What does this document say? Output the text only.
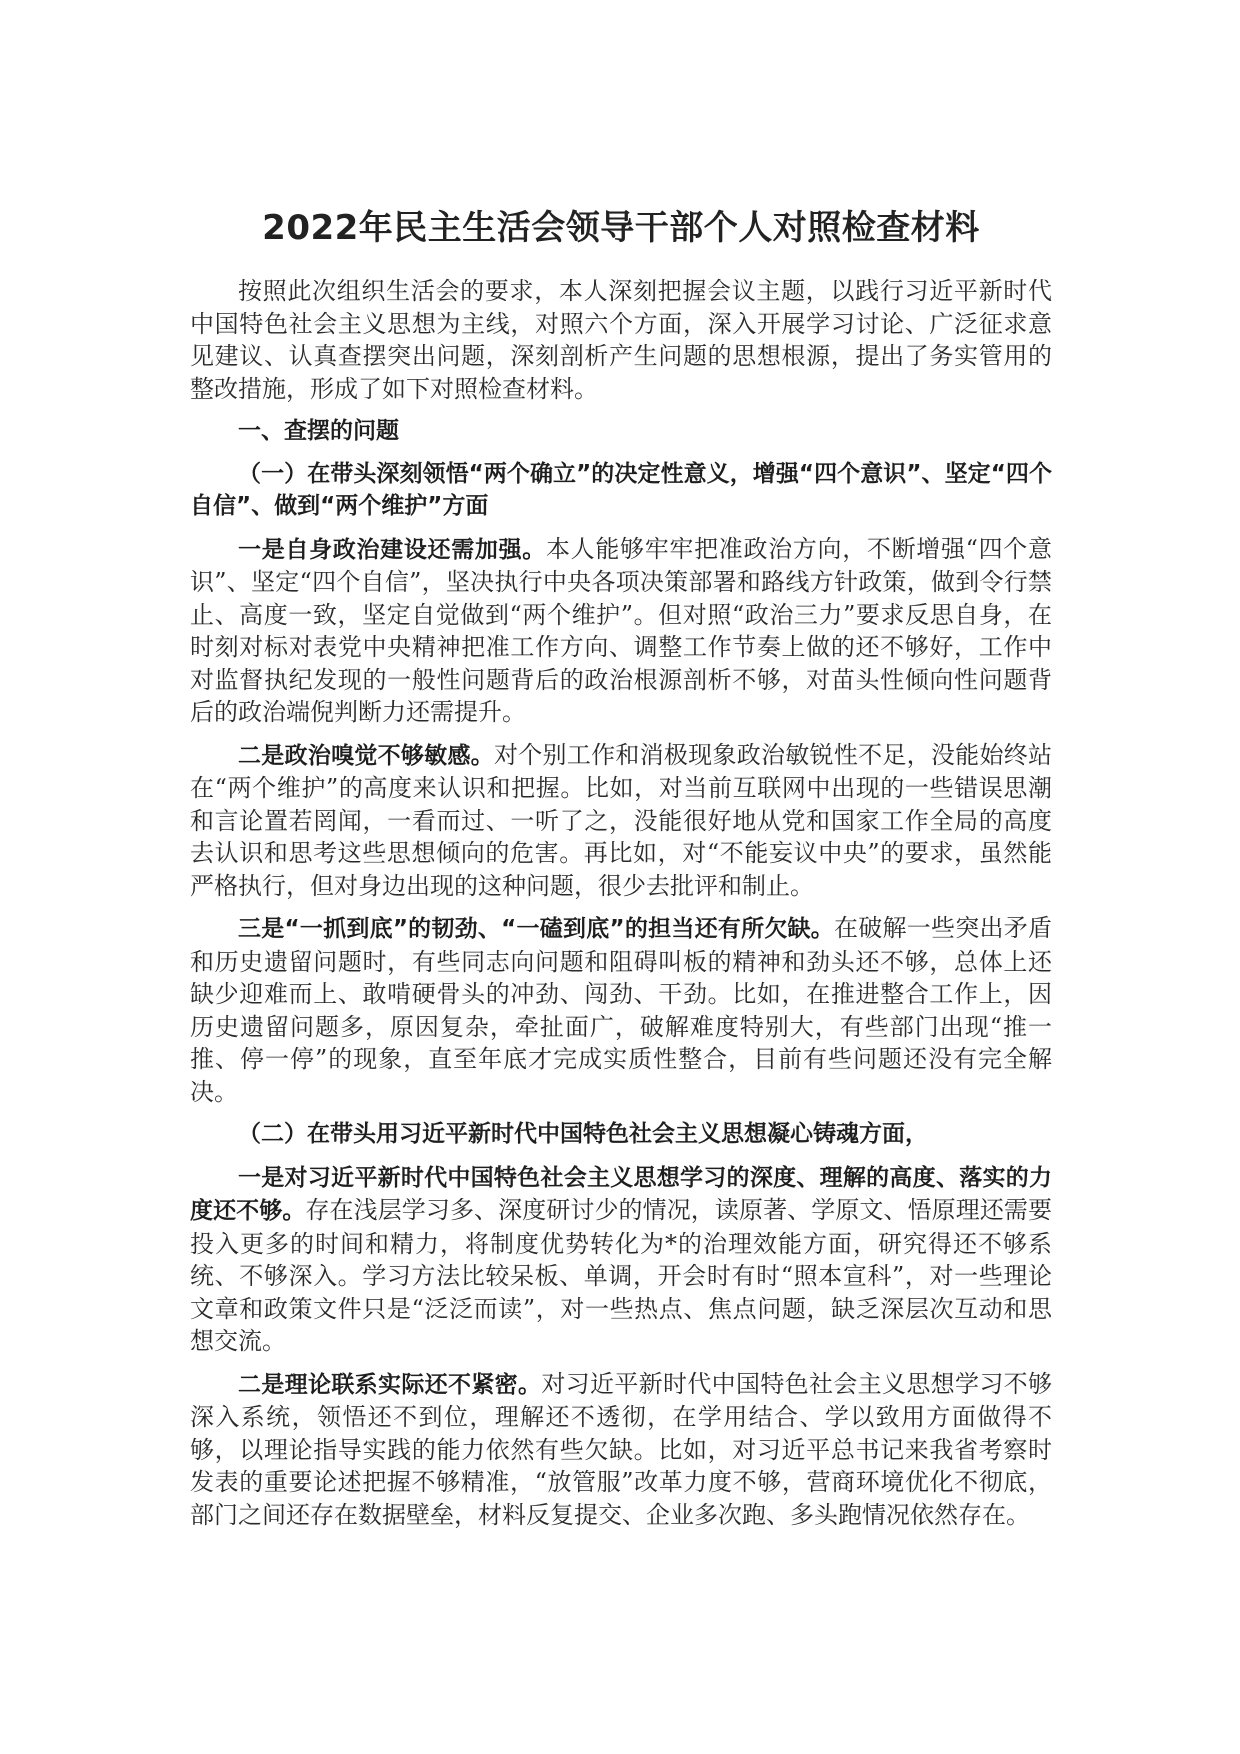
2022年民主生活会领导干部个人对照检查材料

按照此次组织生活会的要求，本人深刻把握会议主题，以践行习近平新时代中国特色社会主义思想为主线，对照六个方面，深入开展学习讨论、广泛征求意见建议、认真查摆突出问题，深刻剖析产生问题的思想根源，提出了务实管用的整改措施，形成了如下对照检查材料。

一、查摆的问题

（一）在带头深刻领悟“两个确立”的决定性意义，增强“四个意识”、坚定“四个自信”、做到“两个维护”方面

一是自身政治建设还需加强。本人能够牢牢把准政治方向，不断增强“四个意识”、坚定“四个自信”，坚决执行中央各项决策部署和路线方针政策，做到令行禁止、高度一致，坚定自觉做到“两个维护”。但对照“政治三力”要求反思自身，在时刻对标对表党中央精神把准工作方向、调整工作节奏上做的还不够好，工作中对监督执纪发现的一般性问题背后的政治根源剖析不够，对苗头性倾向性问题背后的政治端倪判断力还需提升。

二是政治嗅觉不够敏感。对个别工作和消极现象政治敏锐性不足，没能始终站在“两个维护”的高度来认识和把握。比如，对当前互联网中出现的一些错误思潮和言论置若罔闻，一看而过、一听了之，没能很好地从党和国家工作全局的高度去认识和思考这些思想倾向的危害。再比如，对“不能妄议中央”的要求，虽然能严格执行，但对身边出现的这种问题，很少去批评和制止。

三是“一抓到底”的韧劲、“一磕到底”的担当还有所欠缺。在破解一些突出矛盾和历史遗留问题时，有些同志向问题和阻碍叫板的精神和劲头还不够，总体上还缺少迎难而上、敢啃硬骨头的冲劲、闯劲、干劲。比如，在推进整合工作上，因历史遗留问题多，原因复杂，牵扯面广，破解难度特别大，有些部门出现“推一推、停一停”的现象，直至年底才完成实质性整合，目前有些问题还没有完全解决。

（二）在带头用习近平新时代中国特色社会主义思想凝心铸魂方面，

一是对习近平新时代中国特色社会主义思想学习的深度、理解的高度、落实的力度还不够。存在浅层学习多、深度研讨少的情况，读原著、学原文、悟原理还需要投入更多的时间和精力，将制度优势转化为*的治理效能方面，研究得还不够系统、不够深入。学习方法比较呆板、单调，开会时有时“照本宣科”，对一些理论文章和政策文件只是“泛泛而读”，对一些热点、焦点问题，缺乏深层次互动和思想交流。

二是理论联系实际还不紧密。对习近平新时代中国特色社会主义思想学习不够深入系统，领悟还不到位，理解还不透彻，在学用结合、学以致用方面做得不够，以理论指导实践的能力依然有些欠缺。比如，对习近平总书记来我省考察时发表的重要论述把握不够精准，“放管服”改革力度不够，营商环境优化不彻底，部门之间还存在数据壁垒，材料反复提交、企业多次跑、多头跑情况依然存在。
